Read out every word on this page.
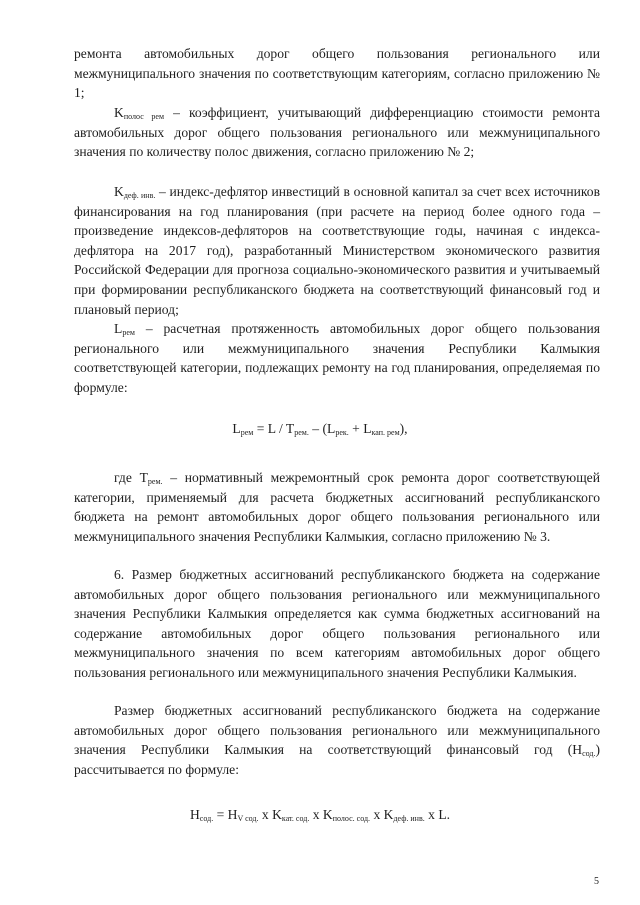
ремонта автомобильных дорог общего пользования регионального или межмуниципального значения по соответствующим категориям, согласно приложению № 1;

$K_{полос рем}$ – коэффициент, учитывающий дифференциацию стоимости ремонта автомобильных дорог общего пользования регионального или межмуниципального значения по количеству полос движения, согласно приложению № 2;

$K_{деф. инв.}$ – индекс-дефлятор инвестиций в основной капитал за счет всех источников финансирования на год планирования (при расчете на период более одного года – произведение индексов-дефляторов на соответствующие годы, начиная с индекса-дефлятора на 2017 год), разработанный Министерством экономического развития Российской Федерации для прогноза социально-экономического развития и учитываемый при формировании республиканского бюджета на соответствующий финансовый год и плановый период;

$L_{рем}$ – расчетная протяженность автомобильных дорог общего пользования регионального или межмуниципального значения Республики Калмыкия соответствующей категории, подлежащих ремонту на год планирования, определяемая по формуле:

$L_{рем} = L / T_{рем.} - (L_{рек.} + L_{кап. рем})$,

где $T_{рем.}$ – нормативный межремонтный срок ремонта дорог соответствующей категории, применяемый для расчета бюджетных ассигнований республиканского бюджета на ремонт автомобильных дорог общего пользования регионального или межмуниципального значения Республики Калмыкия, согласно приложению № 3.

6. Размер бюджетных ассигнований республиканского бюджета на содержание автомобильных дорог общего пользования регионального или межмуниципального значения Республики Калмыкия определяется как сумма бюджетных ассигнований на содержание автомобильных дорог общего пользования регионального или межмуниципального значения по всем категориям автомобильных дорог общего пользования регионального или межмуниципального значения Республики Калмыкия.

Размер бюджетных ассигнований республиканского бюджета на содержание автомобильных дорог общего пользования регионального или межмуниципального значения Республики Калмыкия на соответствующий финансовый год $(H_{сод.})$ рассчитывается по формуле:

$H_{сод.} = H_{V сод.}$ x $K_{кат. сод.}$ x $K_{полос. сод.}$ x $K_{деф. инв.}$ x L.
5
